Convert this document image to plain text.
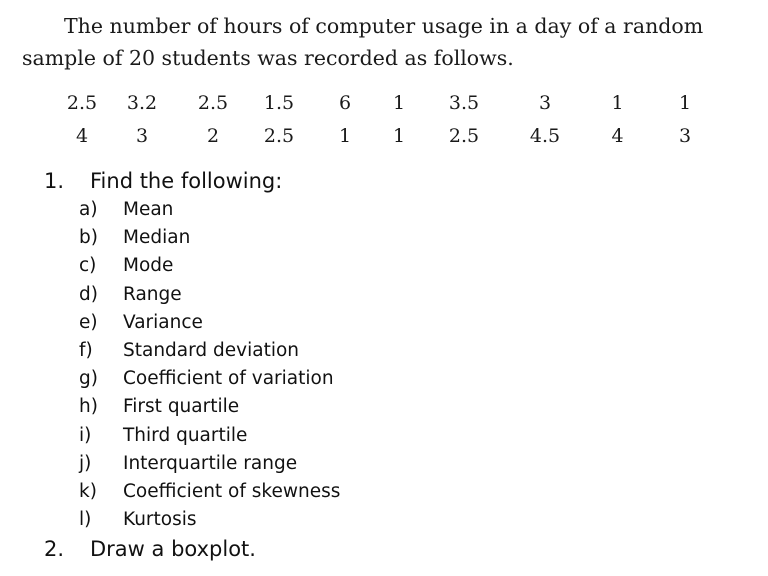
The number of hours of computer usage in a day of a random sample of 20 students was recorded as follows.

2.5	3.2	2.5	1.5	6	1	3.5	3	1	1
4	3	2	2.5	1	1	2.5	4.5	4	3
1. Find the following:
a) Mean
b) Median
c) Mode
d) Range
e) Variance
f) Standard deviation
g) Coefficient of variation
h) First quartile
i) Third quartile
j) Interquartile range
k) Coefficient of skewness
l) Kurtosis
2. Draw a boxplot.
